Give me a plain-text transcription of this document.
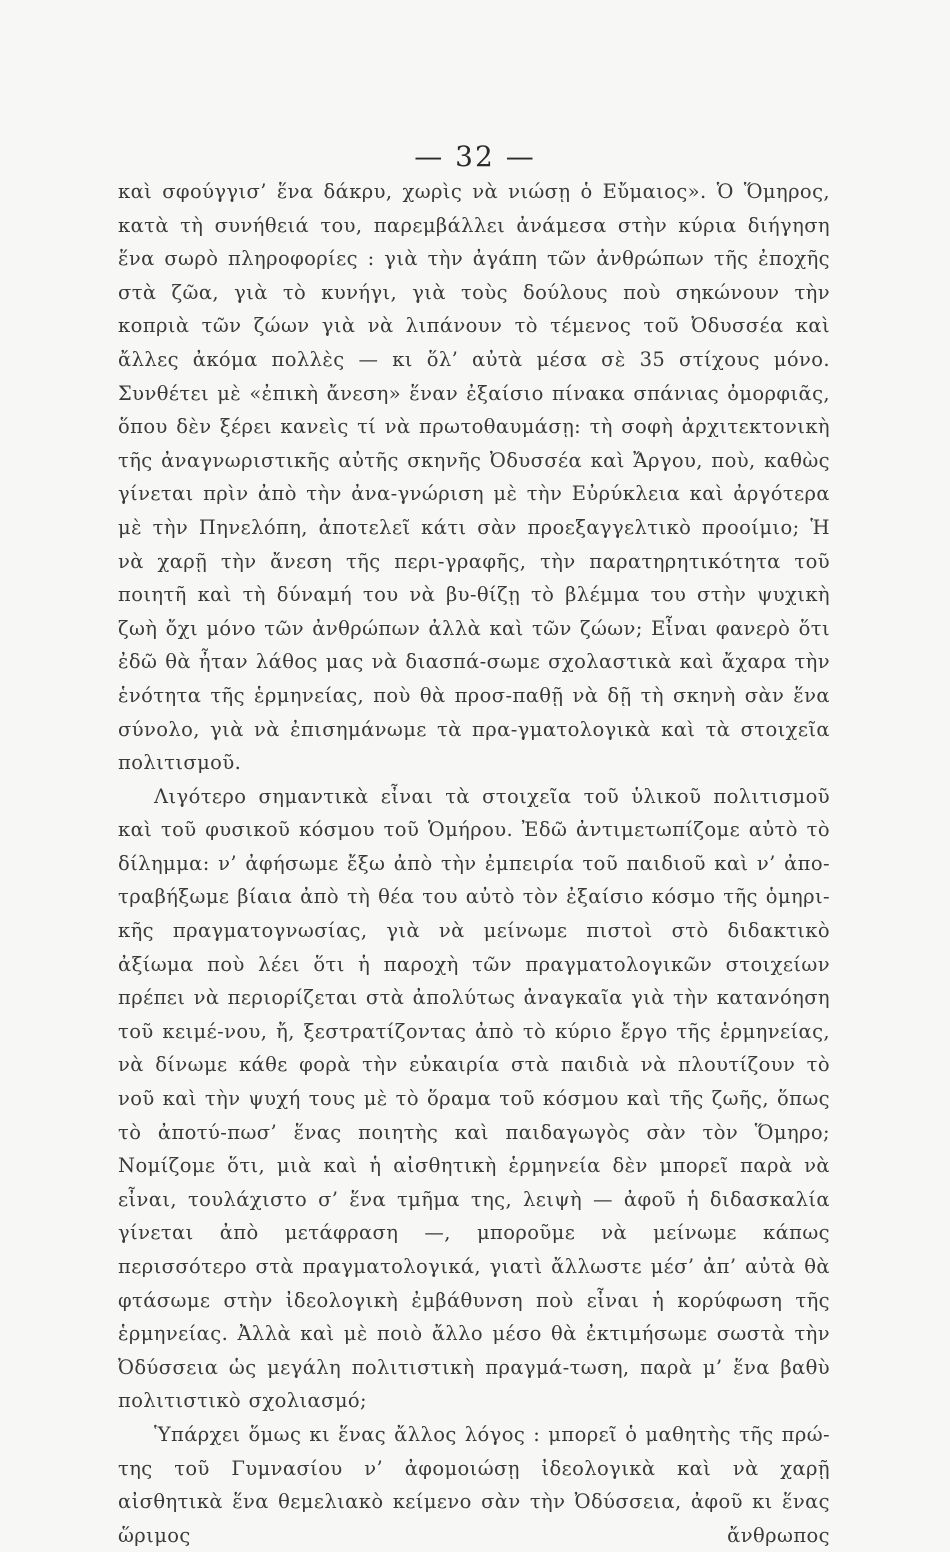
— 32 —

καὶ σφούγγισ’ ἕνα δάκρυ, χωρὶς νὰ νιώσῃ ὁ Εὔμαιος». Ὁ Ὅμηρος, κατὰ τὴ συνήθειά του, παρεμβάλλει ἀνάμεσα στὴν κύρια διήγηση ἕνα σωρὸ πληροφορίες : γιὰ τὴν ἀγάπη τῶν ἀνθρώπων τῆς ἐποχῆς στὰ ζῶα, γιὰ τὸ κυνήγι, γιὰ τοὺς δούλους ποὺ σηκώνουν τὴν κοπριὰ τῶν ζώων γιὰ νὰ λιπάνουν τὸ τέμενος τοῦ Ὀδυσσέα καὶ ἄλλες ἀκόμα πολλὲς — κι ὅλ’ αὐτὰ μέσα σὲ 35 στίχους μόνο. Συνθέτει μὲ «ἐπικὴ ἄνεση» ἕναν ἐξαίσιο πίνακα σπάνιας ὀμορφιᾶς, ὅπου δὲν ξέρει κανεὶς τί νὰ πρωτοθαυμάσῃ: τὴ σοφὴ ἀρχιτεκτονικὴ τῆς ἀναγνωριστικῆς αὐτῆς σκηνῆς Ὀδυσσέα καὶ Ἄργου, ποὺ, καθὼς γίνεται πρὶν ἀπὸ τὴν ἀνα-γνώριση μὲ τὴν Εὐρύκλεια καὶ ἀργότερα μὲ τὴν Πηνελόπη, ἀποτελεῖ κάτι σὰν προεξαγγελτικὸ προοίμιο; Ἡ νὰ χαρῇ τὴν ἄνεση τῆς περι-γραφῆς, τὴν παρατηρητικότητα τοῦ ποιητῆ καὶ τὴ δύναμή του νὰ βυ-θίζῃ τὸ βλέμμα του στὴν ψυχικὴ ζωὴ ὄχι μόνο τῶν ἀνθρώπων ἀλλὰ καὶ τῶν ζώων; Εἶναι φανερὸ ὅτι ἐδῶ θὰ ἦταν λάθος μας νὰ διασπά-σωμε σχολαστικὰ καὶ ἄχαρα τὴν ἑνότητα τῆς ἑρμηνείας, ποὺ θὰ προσ-παθῇ νὰ δῇ τὴ σκηνὴ σὰν ἕνα σύνολο, γιὰ νὰ ἐπισημάνωμε τὰ πρα-γματολογικὰ καὶ τὰ στοιχεῖα πολιτισμοῦ.

Λιγότερο σημαντικὰ εἶναι τὰ στοιχεῖα τοῦ ὑλικοῦ πολιτισμοῦ καὶ τοῦ φυσικοῦ κόσμου τοῦ Ὁμήρου. Ἐδῶ ἀντιμετωπίζομε αὐτὸ τὸ δίλημμα: ν’ ἀφήσωμε ἔξω ἀπὸ τὴν ἐμπειρία τοῦ παιδιοῦ καὶ ν’ ἀπο-τραβήξωμε βίαια ἀπὸ τὴ θέα του αὐτὸ τὸν ἐξαίσιο κόσμο τῆς ὁμηρι-κῆς πραγματογνωσίας, γιὰ νὰ μείνωμε πιστοὶ στὸ διδακτικὸ ἀξίωμα ποὺ λέει ὅτι ἡ παροχὴ τῶν πραγματολογικῶν στοιχείων πρέπει νὰ περιορίζεται στὰ ἀπολύτως ἀναγκαῖα γιὰ τὴν κατανόηση τοῦ κειμέ-νου, ἤ, ξεστρατίζοντας ἀπὸ τὸ κύριο ἔργο τῆς ἑρμηνείας, νὰ δίνωμε κάθε φορὰ τὴν εὐκαιρία στὰ παιδιὰ νὰ πλουτίζουν τὸ νοῦ καὶ τὴν ψυχή τους μὲ τὸ ὅραμα τοῦ κόσμου καὶ τῆς ζωῆς, ὅπως τὸ ἀποτύ-πωσ’ ἕνας ποιητὴς καὶ παιδαγωγὸς σὰν τὸν Ὅμηρο; Νομίζομε ὅτι, μιὰ καὶ ἡ αἰσθητικὴ ἑρμηνεία δὲν μπορεῖ παρὰ νὰ εἶναι, τουλάχιστο σ’ ἕνα τμῆμα της, λειψὴ — ἀφοῦ ἡ διδασκαλία γίνεται ἀπὸ μετάφραση —, μποροῦμε νὰ μείνωμε κάπως περισσότερο στὰ πραγματολογικά, γιατὶ ἄλλωστε μέσ’ ἀπ’ αὐτὰ θὰ φτάσωμε στὴν ἰδεολογικὴ ἐμβάθυνση ποὺ εἶναι ἡ κορύφωση τῆς ἑρμηνείας. Ἀλλὰ καὶ μὲ ποιὸ ἄλλο μέσο θὰ ἐκτιμήσωμε σωστὰ τὴν Ὀδύσσεια ὡς μεγάλη πολιτιστικὴ πραγμά-τωση, παρὰ μ’ ἕνα βαθὺ πολιτιστικὸ σχολιασμό;

Ὑπάρχει ὅμως κι ἕνας ἄλλος λόγος : μπορεῖ ὁ μαθητὴς τῆς πρώ-της τοῦ Γυμνασίου ν’ ἀφομοιώσῃ ἰδεολογικὰ καὶ νὰ χαρῇ αἰσθητικὰ ἕνα θεμελιακὸ κείμενο σὰν τὴν Ὀδύσσεια, ἀφοῦ κι ἕνας ὥριμος ἄνθρωπος
